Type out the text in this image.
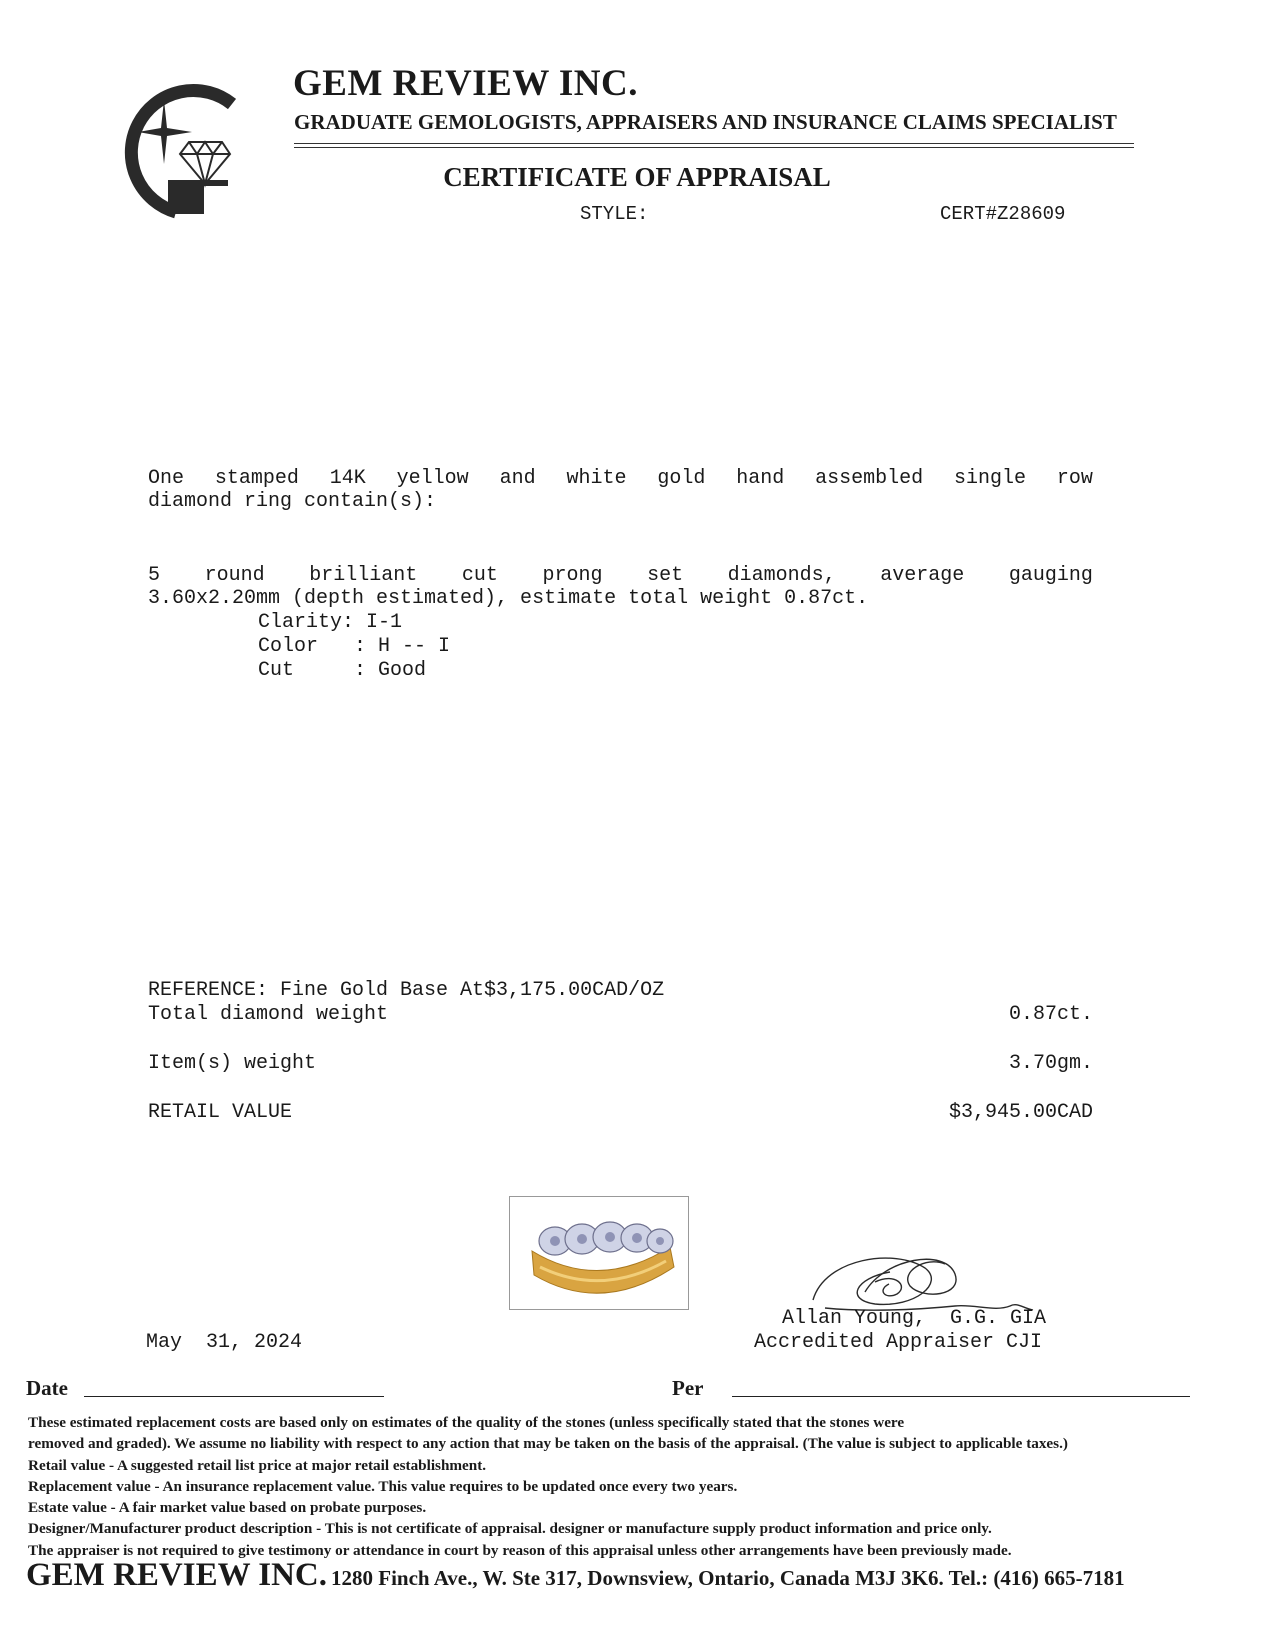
GEM REVIEW INC.
GRADUATE GEMOLOGISTS, APPRAISERS AND INSURANCE CLAIMS SPECIALIST
CERTIFICATE OF APPRAISAL
STYLE:	CERT#Z28609
One stamped 14K yellow and white gold hand assembled single row
diamond ring contain(s):
5 round brilliant cut prong set diamonds, average gauging
3.60x2.20mm (depth estimated), estimate total weight 0.87ct.
Clarity: I-1
Color   : H -- I
Cut     : Good
REFERENCE: Fine Gold Base At$3,175.00CAD/OZ
Total diamond weight	0.87ct.
Item(s) weight	3.70gm.
RETAIL VALUE	$3,945.00CAD
Allan Young,  G.G. GIA
Accredited Appraiser CJI
May  31, 2024
Date	Per
These estimated replacement costs are based only on estimates of the quality of the stones (unless specifically stated that the stones were
removed and graded). We assume no liability with respect to any action that may be taken on the basis of the appraisal. (The value is subject to applicable taxes.)
Retail value - A suggested retail list price at major retail establishment.
Replacement value - An insurance replacement value. This value requires to be updated once every two years.
Estate value - A fair market value based on probate purposes.
Designer/Manufacturer product description - This is not certificate of appraisal. designer or manufacture supply product information and price only.
The appraiser is not required to give testimony or attendance in court by reason of this appraisal unless other arrangements have been previously made.
GEM REVIEW INC. 1280 Finch Ave., W. Ste 317, Downsview, Ontario, Canada M3J 3K6. Tel.: (416) 665-7181
